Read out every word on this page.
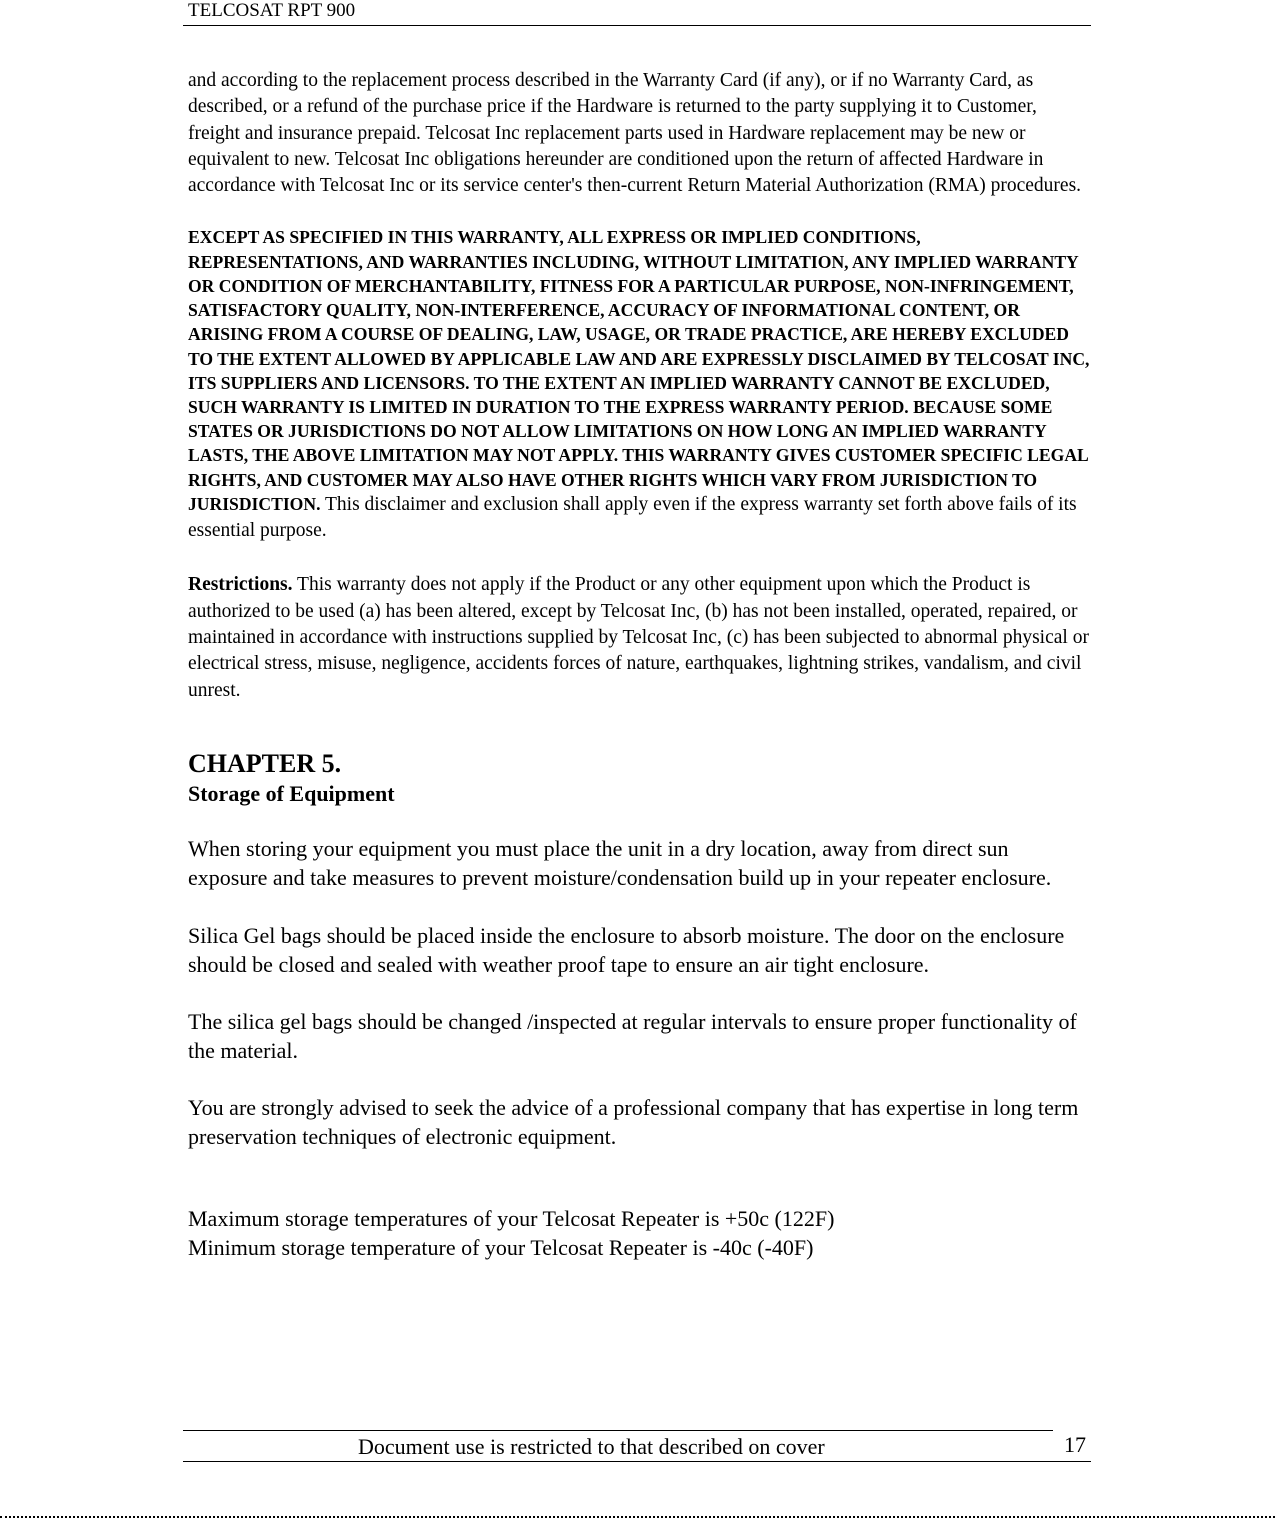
TELCOSAT RPT 900

and according to the replacement process described in the Warranty Card (if any), or if no Warranty Card, as described, or a refund of the purchase price if the Hardware is returned to the party supplying it to Customer, freight and insurance prepaid. Telcosat Inc replacement parts used in Hardware replacement may be new or equivalent to new. Telcosat Inc obligations hereunder are conditioned upon the return of affected Hardware in accordance with Telcosat Inc or its service center's then-current Return Material Authorization (RMA) procedures.

EXCEPT AS SPECIFIED IN THIS WARRANTY, ALL EXPRESS OR IMPLIED CONDITIONS, REPRESENTATIONS, AND WARRANTIES INCLUDING, WITHOUT LIMITATION, ANY IMPLIED WARRANTY OR CONDITION OF MERCHANTABILITY, FITNESS FOR A PARTICULAR PURPOSE, NON-INFRINGEMENT, SATISFACTORY QUALITY, NON-INTERFERENCE, ACCURACY OF INFORMATIONAL CONTENT, OR ARISING FROM A COURSE OF DEALING, LAW, USAGE, OR TRADE PRACTICE, ARE HEREBY EXCLUDED TO THE EXTENT ALLOWED BY APPLICABLE LAW AND ARE EXPRESSLY DISCLAIMED BY TELCOSAT INC, ITS SUPPLIERS AND LICENSORS. TO THE EXTENT AN IMPLIED WARRANTY CANNOT BE EXCLUDED, SUCH WARRANTY IS LIMITED IN DURATION TO THE EXPRESS WARRANTY PERIOD. BECAUSE SOME STATES OR JURISDICTIONS DO NOT ALLOW LIMITATIONS ON HOW LONG AN IMPLIED WARRANTY LASTS, THE ABOVE LIMITATION MAY NOT APPLY. THIS WARRANTY GIVES CUSTOMER SPECIFIC LEGAL RIGHTS, AND CUSTOMER MAY ALSO HAVE OTHER RIGHTS WHICH VARY FROM JURISDICTION TO JURISDICTION. This disclaimer and exclusion shall apply even if the express warranty set forth above fails of its essential purpose.

Restrictions. This warranty does not apply if the Product or any other equipment upon which the Product is authorized to be used (a) has been altered, except by Telcosat Inc, (b) has not been installed, operated, repaired, or maintained in accordance with instructions supplied by Telcosat Inc, (c) has been subjected to abnormal physical or electrical stress, misuse, negligence, accidents forces of nature, earthquakes, lightning strikes, vandalism, and civil unrest.

CHAPTER 5.

Storage of Equipment

When storing your equipment you must place the unit in a dry location, away from direct sun exposure and take measures to prevent moisture/condensation build up in your repeater enclosure.

Silica Gel bags should be placed inside the enclosure to absorb moisture. The door on the enclosure should be closed and sealed with weather proof tape to ensure an air tight enclosure.

The silica gel bags should be changed /inspected at regular intervals to ensure proper functionality of the material.

You are strongly advised to seek the advice of a professional company that has expertise in long term preservation techniques of electronic equipment.

Maximum storage temperatures of your Telcosat Repeater is +50c (122F)

Minimum storage temperature of your Telcosat Repeater is -40c (-40F)

Document use is restricted to that described on cover	17
